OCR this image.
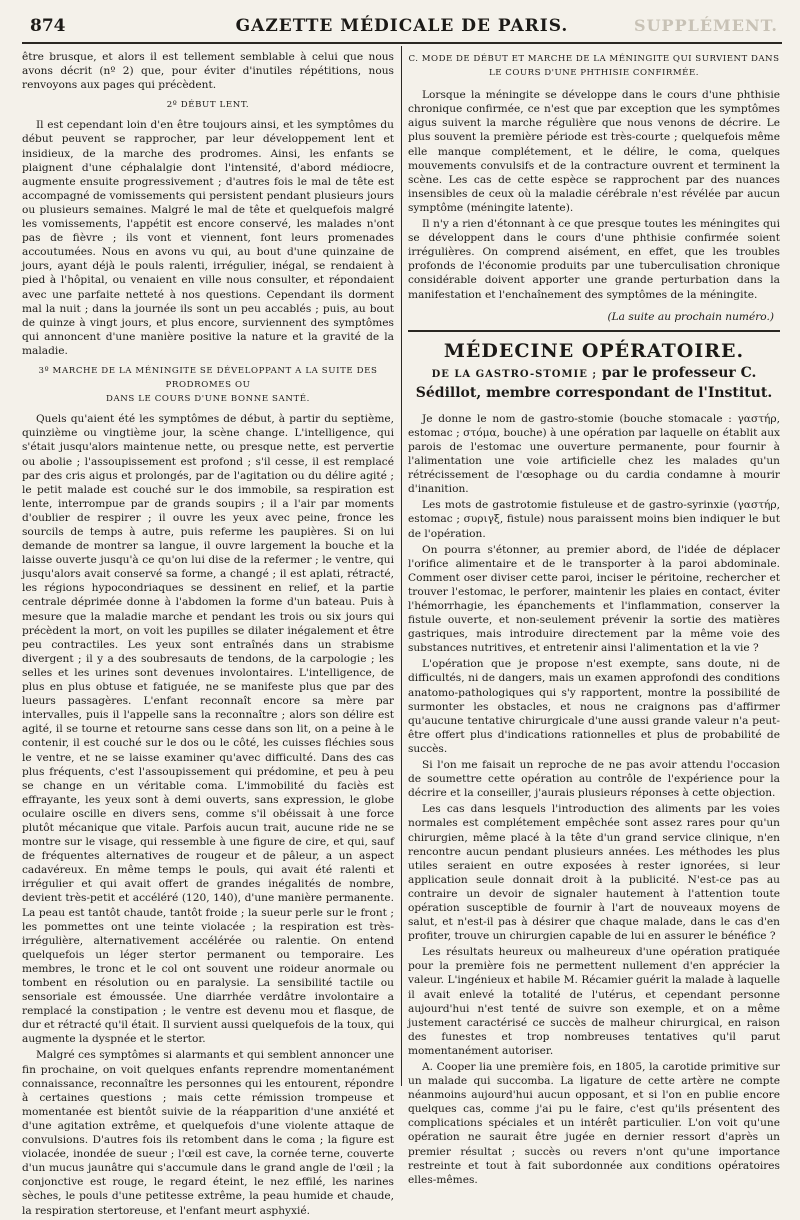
874	GAZETTE MÉDICALE DE PARIS.	SUPPLÉMENT.

être brusque, et alors il est tellement semblable à celui que nous avons décrit (nº 2) que, pour éviter d'inutiles répétitions, nous renvoyons aux pages qui précèdent.

2º DÉBUT LENT.

Il est cependant loin d'en être toujours ainsi, et les symptômes du début peuvent se rapprocher, par leur développement lent et insidieux, de la marche des prodromes. Ainsi, les enfants se plaignent d'une céphalalgie dont l'intensité, d'abord médiocre, augmente ensuite progressivement ; d'autres fois le mal de tête est accompagné de vomissements qui persistent pendant plusieurs jours ou plusieurs semaines. Malgré le mal de tête et quelquefois malgré les vomissements, l'appétit est encore conservé, les malades n'ont pas de fièvre ; ils vont et viennent, font leurs promenades accoutumées. Nous en avons vu qui, au bout d'une quinzaine de jours, ayant déjà le pouls ralenti, irrégulier, inégal, se rendaient à pied à l'hôpital, ou venaient en ville nous consulter, et répondaient avec une parfaite netteté à nos questions. Cependant ils dorment mal la nuit ; dans la journée ils sont un peu accablés ; puis, au bout de quinze à vingt jours, et plus encore, surviennent des symptômes qui annoncent d'une manière positive la nature et la gravité de la maladie.

3º MARCHE DE LA MÉNINGITE SE DÉVELOPPANT A LA SUITE DES PRODROMES OU
DANS LE COURS D'UNE BONNE SANTÉ.

Quels qu'aient été les symptômes de début, à partir du septième, quinzième ou vingtième jour, la scène change. L'intelligence, qui s'était jusqu'alors maintenue nette, ou presque nette, est pervertie ou abolie ; l'assoupissement est profond ; s'il cesse, il est remplacé par des cris aigus et prolongés, par de l'agitation ou du délire agité ; le petit malade est couché sur le dos immobile, sa respiration est lente, interrompue par de grands soupirs ; il a l'air par moments d'oublier de respirer ; il ouvre les yeux avec peine, fronce les sourcils de temps à autre, puis referme les paupières. Si on lui demande de montrer sa langue, il ouvre largement la bouche et la laisse ouverte jusqu'à ce qu'on lui dise de la refermer ; le ventre, qui jusqu'alors avait conservé sa forme, a changé ; il est aplati, rétracté, les régions hypocondriaques se dessinent en relief, et la partie centrale déprimée donne à l'abdomen la forme d'un bateau. Puis à mesure que la maladie marche et pendant les trois ou six jours qui précèdent la mort, on voit les pupilles se dilater inégalement et être peu contractiles. Les yeux sont entraînés dans un strabisme divergent ; il y a des soubresauts de tendons, de la carpologie ; les selles et les urines sont devenues involontaires. L'intelligence, de plus en plus obtuse et fatiguée, ne se manifeste plus que par des lueurs passagères. L'enfant reconnaît encore sa mère par intervalles, puis il l'appelle sans la reconnaître ; alors son délire est agité, il se tourne et retourne sans cesse dans son lit, on a peine à le contenir, il est couché sur le dos ou le côté, les cuisses fléchies sous le ventre, et ne se laisse examiner qu'avec difficulté. Dans des cas plus fréquents, c'est l'assoupissement qui prédomine, et peu à peu se change en un véritable coma. L'immobilité du faciès est effrayante, les yeux sont à demi ouverts, sans expression, le globe oculaire oscille en divers sens, comme s'il obéissait à une force plutôt mécanique que vitale. Parfois aucun trait, aucune ride ne se montre sur le visage, qui ressemble à une figure de cire, et qui, sauf de fréquentes alternatives de rougeur et de pâleur, a un aspect cadavéreux. En même temps le pouls, qui avait été ralenti et irrégulier et qui avait offert de grandes inégalités de nombre, devient très-petit et accéléré (120, 140), d'une manière permanente. La peau est tantôt chaude, tantôt froide ; la sueur perle sur le front ; les pommettes ont une teinte violacée ; la respiration est très-irrégulière, alternativement accélérée ou ralentie. On entend quelquefois un léger stertor permanent ou temporaire. Les membres, le tronc et le col ont souvent une roideur anormale ou tombent en résolution ou en paralysie. La sensibilité tactile ou sensoriale est émoussée. Une diarrhée verdâtre involontaire a remplacé la constipation ; le ventre est devenu mou et flasque, de dur et rétracté qu'il était. Il survient aussi quelquefois de la toux, qui augmente la dyspnée et le stertor.

Malgré ces symptômes si alarmants et qui semblent annoncer une fin prochaine, on voit quelques enfants reprendre momentanément connaissance, reconnaître les personnes qui les entourent, répondre à certaines questions ; mais cette rémission trompeuse et momentanée est bientôt suivie de la réapparition d'une anxiété et d'une agitation extrême, et quelquefois d'une violente attaque de convulsions. D'autres fois ils retombent dans le coma ; la figure est violacée, inondée de sueur ; l'œil est cave, la cornée terne, couverte d'un mucus jaunâtre qui s'accumule dans le grand angle de l'œil ; la conjonctive est rouge, le regard éteint, le nez effilé, les narines sèches, le pouls d'une petitesse extrême, la peau humide et chaude, la respiration stertoreuse, et l'enfant meurt asphyxié.

C. MODE DE DÉBUT ET MARCHE DE LA MÉNINGITE QUI SURVIENT DANS LE COURS D'UNE PHTHISIE CONFIRMÉE.

Lorsque la méningite se développe dans le cours d'une phthisie chronique confirmée, ce n'est que par exception que les symptômes aigus suivent la marche régulière que nous venons de décrire. Le plus souvent la première période est très-courte ; quelquefois même elle manque complétement, et le délire, le coma, quelques mouvements convulsifs et de la contracture ouvrent et terminent la scène. Les cas de cette espèce se rapprochent par des nuances insensibles de ceux où la maladie cérébrale n'est révélée par aucun symptôme (méningite latente).

Il n'y a rien d'étonnant à ce que presque toutes les méningites qui se développent dans le cours d'une phthisie confirmée soient irrégulières. On comprend aisément, en effet, que les troubles profonds de l'économie produits par une tuberculisation chronique considérable doivent apporter une grande perturbation dans la manifestation et l'enchaînement des symptômes de la méningite.

(La suite au prochain numéro.)
MÉDECINE OPÉRATOIRE.
DE LA GASTRO-STOMIE ; par le professeur C. Sédillot, membre correspondant de l'Institut.

Je donne le nom de gastro-stomie (bouche stomacale : γαστήρ, estomac ; στόμα, bouche) à une opération par laquelle on établit aux parois de l'estomac une ouverture permanente, pour fournir à l'alimentation une voie artificielle chez les malades qu'un rétrécissement de l'œsophage ou du cardia condamne à mourir d'inanition.

Les mots de gastrotomie fistuleuse et de gastro-syrinxie (γαστήρ, estomac ; συριγξ, fistule) nous paraissent moins bien indiquer le but de l'opération.

On pourra s'étonner, au premier abord, de l'idée de déplacer l'orifice alimentaire et de le transporter à la paroi abdominale. Comment oser diviser cette paroi, inciser le péritoine, rechercher et trouver l'estomac, le perforer, maintenir les plaies en contact, éviter l'hémorrhagie, les épanchements et l'inflammation, conserver la fistule ouverte, et non-seulement prévenir la sortie des matières gastriques, mais introduire directement par la même voie des substances nutritives, et entretenir ainsi l'alimentation et la vie ?

L'opération que je propose n'est exempte, sans doute, ni de difficultés, ni de dangers, mais un examen approfondi des conditions anatomo-pathologiques qui s'y rapportent, montre la possibilité de surmonter les obstacles, et nous ne craignons pas d'affirmer qu'aucune tentative chirurgicale d'une aussi grande valeur n'a peut-être offert plus d'indications rationnelles et plus de probabilité de succès.

Si l'on me faisait un reproche de ne pas avoir attendu l'occasion de soumettre cette opération au contrôle de l'expérience pour la décrire et la conseiller, j'aurais plusieurs réponses à cette objection.

Les cas dans lesquels l'introduction des aliments par les voies normales est complétement empêchée sont assez rares pour qu'un chirurgien, même placé à la tête d'un grand service clinique, n'en rencontre aucun pendant plusieurs années. Les méthodes les plus utiles seraient en outre exposées à rester ignorées, si leur application seule donnait droit à la publicité. N'est-ce pas au contraire un devoir de signaler hautement à l'attention toute opération susceptible de fournir à l'art de nouveaux moyens de salut, et n'est-il pas à désirer que chaque malade, dans le cas d'en profiter, trouve un chirurgien capable de lui en assurer le bénéfice ?

Les résultats heureux ou malheureux d'une opération pratiquée pour la première fois ne permettent nullement d'en apprécier la valeur. L'ingénieux et habile M. Récamier guérit la malade à laquelle il avait enlevé la totalité de l'utérus, et cependant personne aujourd'hui n'est tenté de suivre son exemple, et on a même justement caractérisé ce succès de malheur chirurgical, en raison des funestes et trop nombreuses tentatives qu'il parut momentanément autoriser.

A. Cooper lia une première fois, en 1805, la carotide primitive sur un malade qui succomba. La ligature de cette artère ne compte néanmoins aujourd'hui aucun opposant, et si l'on en publie encore quelques cas, comme j'ai pu le faire, c'est qu'ils présentent des complications spéciales et un intérêt particulier. L'on voit qu'une opération ne saurait être jugée en dernier ressort d'après un premier résultat ; succès ou revers n'ont qu'une importance restreinte et tout à fait subordonnée aux conditions opératoires elles-mêmes.
